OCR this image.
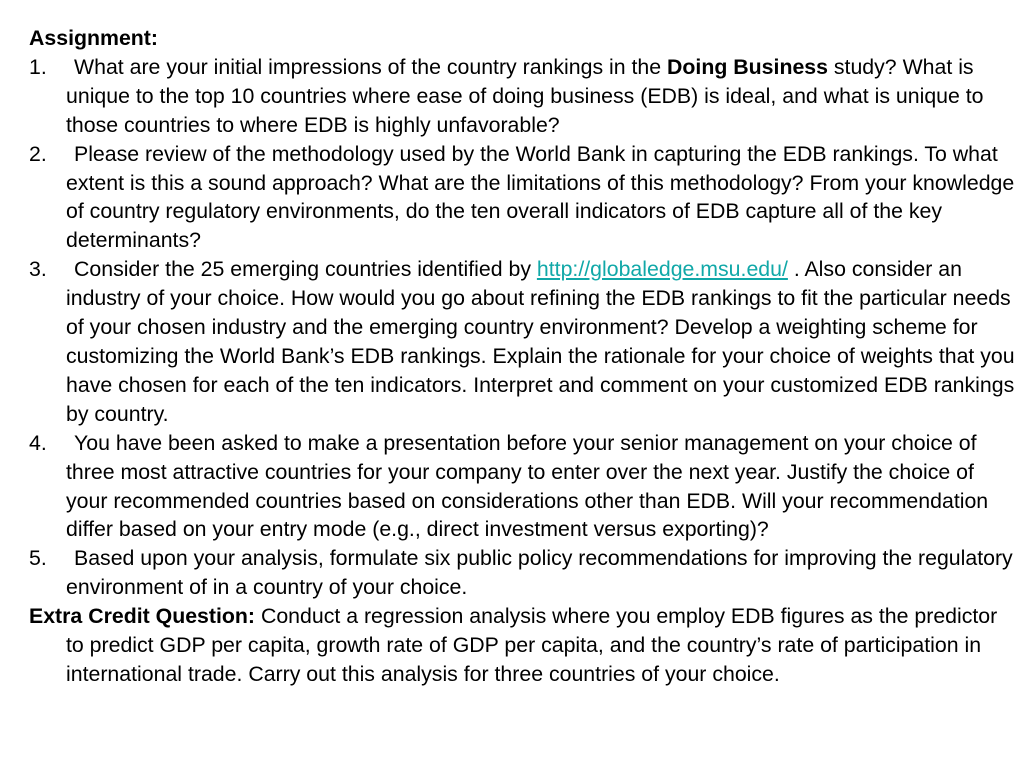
Assignment:

1.	What are your initial impressions of the country rankings in the Doing Business study? What is unique to the top 10 countries where ease of doing business (EDB) is ideal, and what is unique to those countries to where EDB is highly unfavorable?

2.	Please review of the methodology used by the World Bank in capturing the EDB rankings. To what extent is this a sound approach? What are the limitations of this methodology? From your knowledge of country regulatory environments, do the ten overall indicators of EDB capture all of the key determinants?

3.	Consider the 25 emerging countries identified by http://globaledge.msu.edu/ . Also consider an industry of your choice. How would you go about refining the EDB rankings to fit the particular needs of your chosen industry and the emerging country environment? Develop a weighting scheme for customizing the World Bank’s EDB rankings. Explain the rationale for your choice of weights that you have chosen for each of the ten indicators. Interpret and comment on your customized EDB rankings by country.

4.	You have been asked to make a presentation before your senior management on your choice of three most attractive countries for your company to enter over the next year. Justify the choice of your recommended countries based on considerations other than EDB. Will your recommendation differ based on your entry mode (e.g., direct investment versus exporting)?

5.	Based upon your analysis, formulate six public policy recommendations for improving the regulatory environment of in a country of your choice.

Extra Credit Question: Conduct a regression analysis where you employ EDB figures as the predictor to predict GDP per capita, growth rate of GDP per capita, and the country’s rate of participation in international trade. Carry out this analysis for three countries of your choice.
